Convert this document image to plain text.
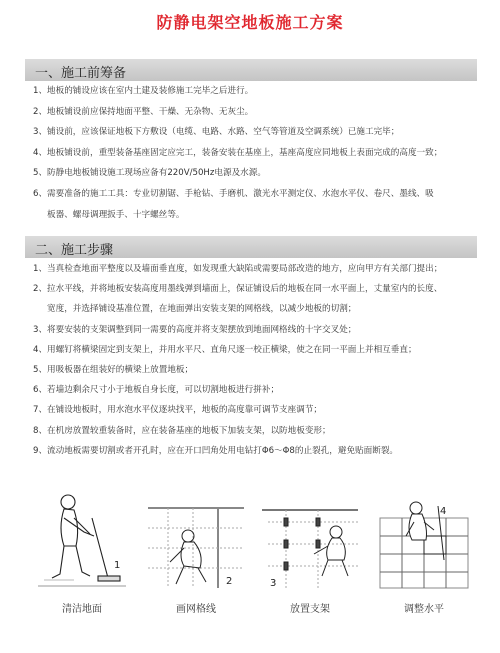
防静电架空地板施工方案
一、施工前筹备
1、 地板的铺设应该在室内土建及装修施工完毕之后进行。
2、 地板铺设前应保持地面平整、干燥、无杂物、无灰尘。
3、 铺设前，应该保证地板下方敷设（电缆、电路、水路、空气等管道及空调系统）已施工完毕；
4、 地板铺设前，重型装备基座固定应完工，装备安装在基座上，基座高度应同地板上表面完成的高度一致；
5、 防静电地板铺设施工现场应备有220V/50Hz电源及水源。
6、 需要准备的施工工具：专业切割锯、手枪钻、手磨机、激光水平测定仪、水泡水平仪、卷尺、墨线、吸
板器、螺母调理扳手、十字螺丝等。
二、施工步骤
1、 当真检查地面平整度以及墙面垂直度，如发现重大缺陷或需要局部改造的地方，应向甲方有关部门提出；
2、 拉水平线，并将地板安装高度用墨线弹到墙面上，保证铺设后的地板在同一水平面上，丈量室内的长度、
宽度，并选择铺设基准位置，在地面弹出安装支架的网格线，以减少地板的切割；
3、 将要安装的支架调整到同一需要的高度并将支架摆放到地面网格线的十字交叉处；
4、 用螺钉将横梁固定到支架上，并用水平尺、直角尺逐一校正横梁，使之在同一平面上并相互垂直；
5、 用吸板器在组装好的横梁上放置地板；
6、 若墙边剩余尺寸小于地板自身长度，可以切割地板进行拼补；
7、 在铺设地板时，用水泡水平仪逐块找平，地板的高度靠可调节支座调节；
8、 在机房放置较重装备时，应在装备基座的地板下加装支架，以防地板变形；
9、 流动地板需要切割或者开孔时，应在开口凹角处用电钻打Φ6～Φ8的止裂孔，避免贴面断裂。
1
清洁地面
2
画网格线
3
放置支架
4
调整水平
